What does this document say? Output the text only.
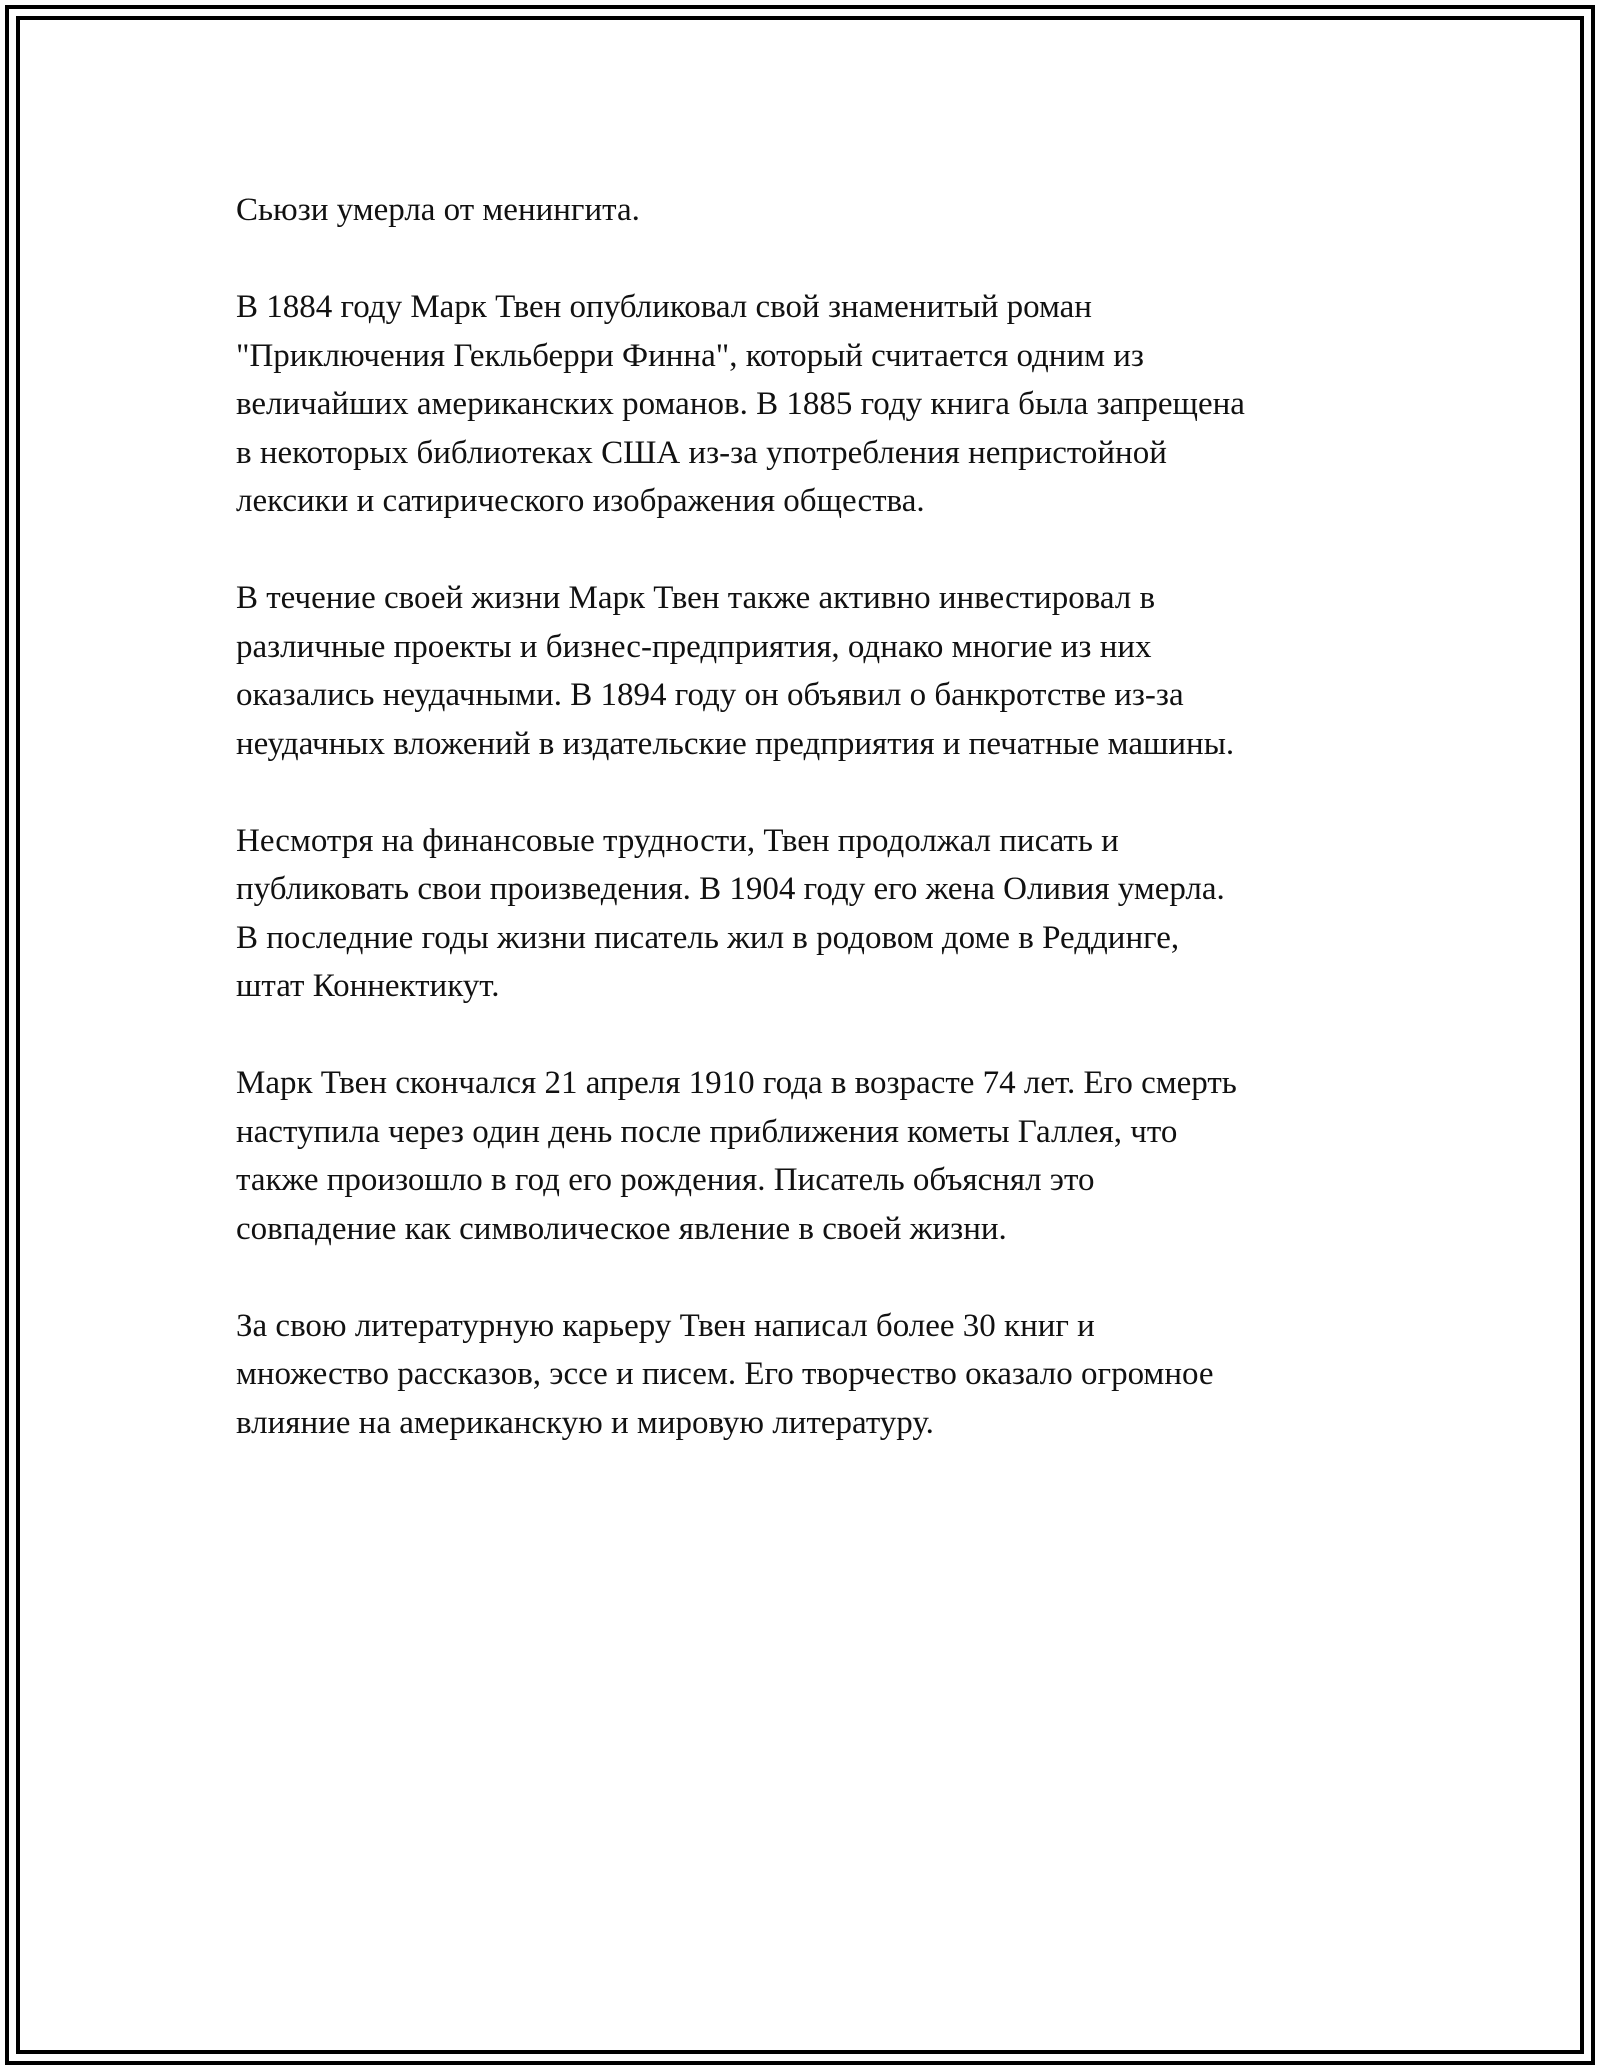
Сьюзи умерла от менингита.

В 1884 году Марк Твен опубликовал свой знаменитый роман
"Приключения Гекльберри Финна", который считается одним из
величайших американских романов. В 1885 году книга была запрещена
в некоторых библиотеках США из-за употребления непристойной
лексики и сатирического изображения общества.

В течение своей жизни Марк Твен также активно инвестировал в
различные проекты и бизнес-предприятия, однако многие из них
оказались неудачными. В 1894 году он объявил о банкротстве из-за
неудачных вложений в издательские предприятия и печатные машины.

Несмотря на финансовые трудности, Твен продолжал писать и
публиковать свои произведения. В 1904 году его жена Оливия умерла.
В последние годы жизни писатель жил в родовом доме в Реддинге,
штат Коннектикут.

Марк Твен скончался 21 апреля 1910 года в возрасте 74 лет. Его смерть
наступила через один день после приближения кометы Галлея, что
также произошло в год его рождения. Писатель объяснял это
совпадение как символическое явление в своей жизни.

За свою литературную карьеру Твен написал более 30 книг и
множество рассказов, эссе и писем. Его творчество оказало огромное
влияние на американскую и мировую литературу.
